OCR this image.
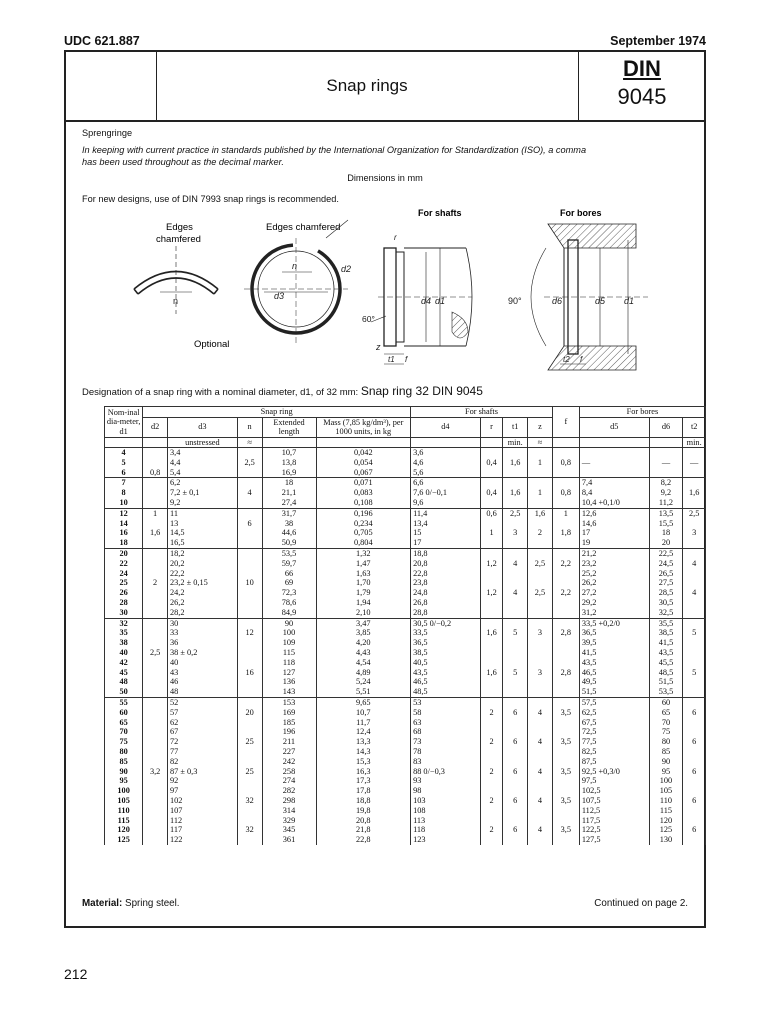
UDC 621.887	September 1974
Snap rings
DIN
9045
Sprengringe
In keeping with current practice in standards published by the International Organization for Standardization (ISO), a comma
has been used throughout as the decimal marker.
Dimensions in mm
For new designs, use of DIN 7993 snap rings is recommended.
For shafts	For bores
Edges
chamfered
Edges chamfered
Optional
n
n	d2
d3
60°
d4 d1
z
t1 f
r
90°	d6	d5 d1
t2 f
Designation of a snap ring with a nominal diameter, d1, of 32 mm: Snap ring 32 DIN 9045
Nom-inal dia-meter, d1	Snap ring					For shafts				f	For bores		
	d2	d3	n	Extended length	Mass (7,85 kg/dm³), per 1000 units, in kg	d4	r	t1	z		d5	d6	t2
		unstressed	≈					min.	≈				min.
4		3,4		10,7	0,042	3,6							
5		4,4	2,5	13,8	0,054	4,6	0,4	1,6	1	0,8	—	—	—
6	0,8	5,4		16,9	0,067	5,6							
7		6,2		18	0,071	6,6					7,4	8,2	
8		7,2 ± 0,1	4	21,1	0,083	7,6 0/−0,1	0,4	1,6	1	0,8	8,4	9,2	1,6
10		9,2		27,4	0,108	9,6					10,4 +0,1/0	11,2	
12	1	11		31,7	0,196	11,4	0,6	2,5	1,6	1	12,6	13,5	2,5
14		13	6	38	0,234	13,4					14,6	15,5	
16	1,6	14,5		44,6	0,705	15	1	3	2	1,8	17	18	3
18		16,5		50,9	0,804	17					19	20	
20		18,2		53,5	1,32	18,8					21,2	22,5	
22		20,2		59,7	1,47	20,8	1,2	4	2,5	2,2	23,2	24,5	4
24		22,2		66	1,63	22,8					25,2	26,5	
25	2	23,2 ± 0,15	10	69	1,70	23,8					26,2	27,5	
26		24,2		72,3	1,79	24,8	1,2	4	2,5	2,2	27,2	28,5	4
28		26,2		78,6	1,94	26,8					29,2	30,5	
30		28,2		84,9	2,10	28,8					31,2	32,5	
32		30		90	3,47	30,5 0/−0,2					33,5 +0,2/0	35,5	
35		33	12	100	3,85	33,5	1,6	5	3	2,8	36,5	38,5	5
38		36		109	4,20	36,5					39,5	41,5	
40	2,5	38 ± 0,2		115	4,43	38,5					41,5	43,5	
42		40		118	4,54	40,5					43,5	45,5	
45		43	16	127	4,89	43,5	1,6	5	3	2,8	46,5	48,5	5
48		46		136	5,24	46,5					49,5	51,5	
50		48		143	5,51	48,5					51,5	53,5	
55		52		153	9,65	53					57,5	60	
60		57	20	169	10,7	58	2	6	4	3,5	62,5	65	6
65		62		185	11,7	63					67,5	70	
70		67		196	12,4	68					72,5	75	
75		72	25	211	13,3	73	2	6	4	3,5	77,5	80	6
80		77		227	14,3	78					82,5	85	
85		82		242	15,3	83					87,5	90	
90	3,2	87 ± 0,3	25	258	16,3	88 0/−0,3	2	6	4	3,5	92,5 +0,3/0	95	6
95		92		274	17,3	93					97,5	100	
100		97		282	17,8	98					102,5	105	
105		102	32	298	18,8	103	2	6	4	3,5	107,5	110	6
110		107		314	19,8	108					112,5	115	
115		112		329	20,8	113					117,5	120	
120		117	32	345	21,8	118	2	6	4	3,5	122,5	125	6
125		122		361	22,8	123					127,5	130	
Material: Spring steel.	Continued on page 2.
212
